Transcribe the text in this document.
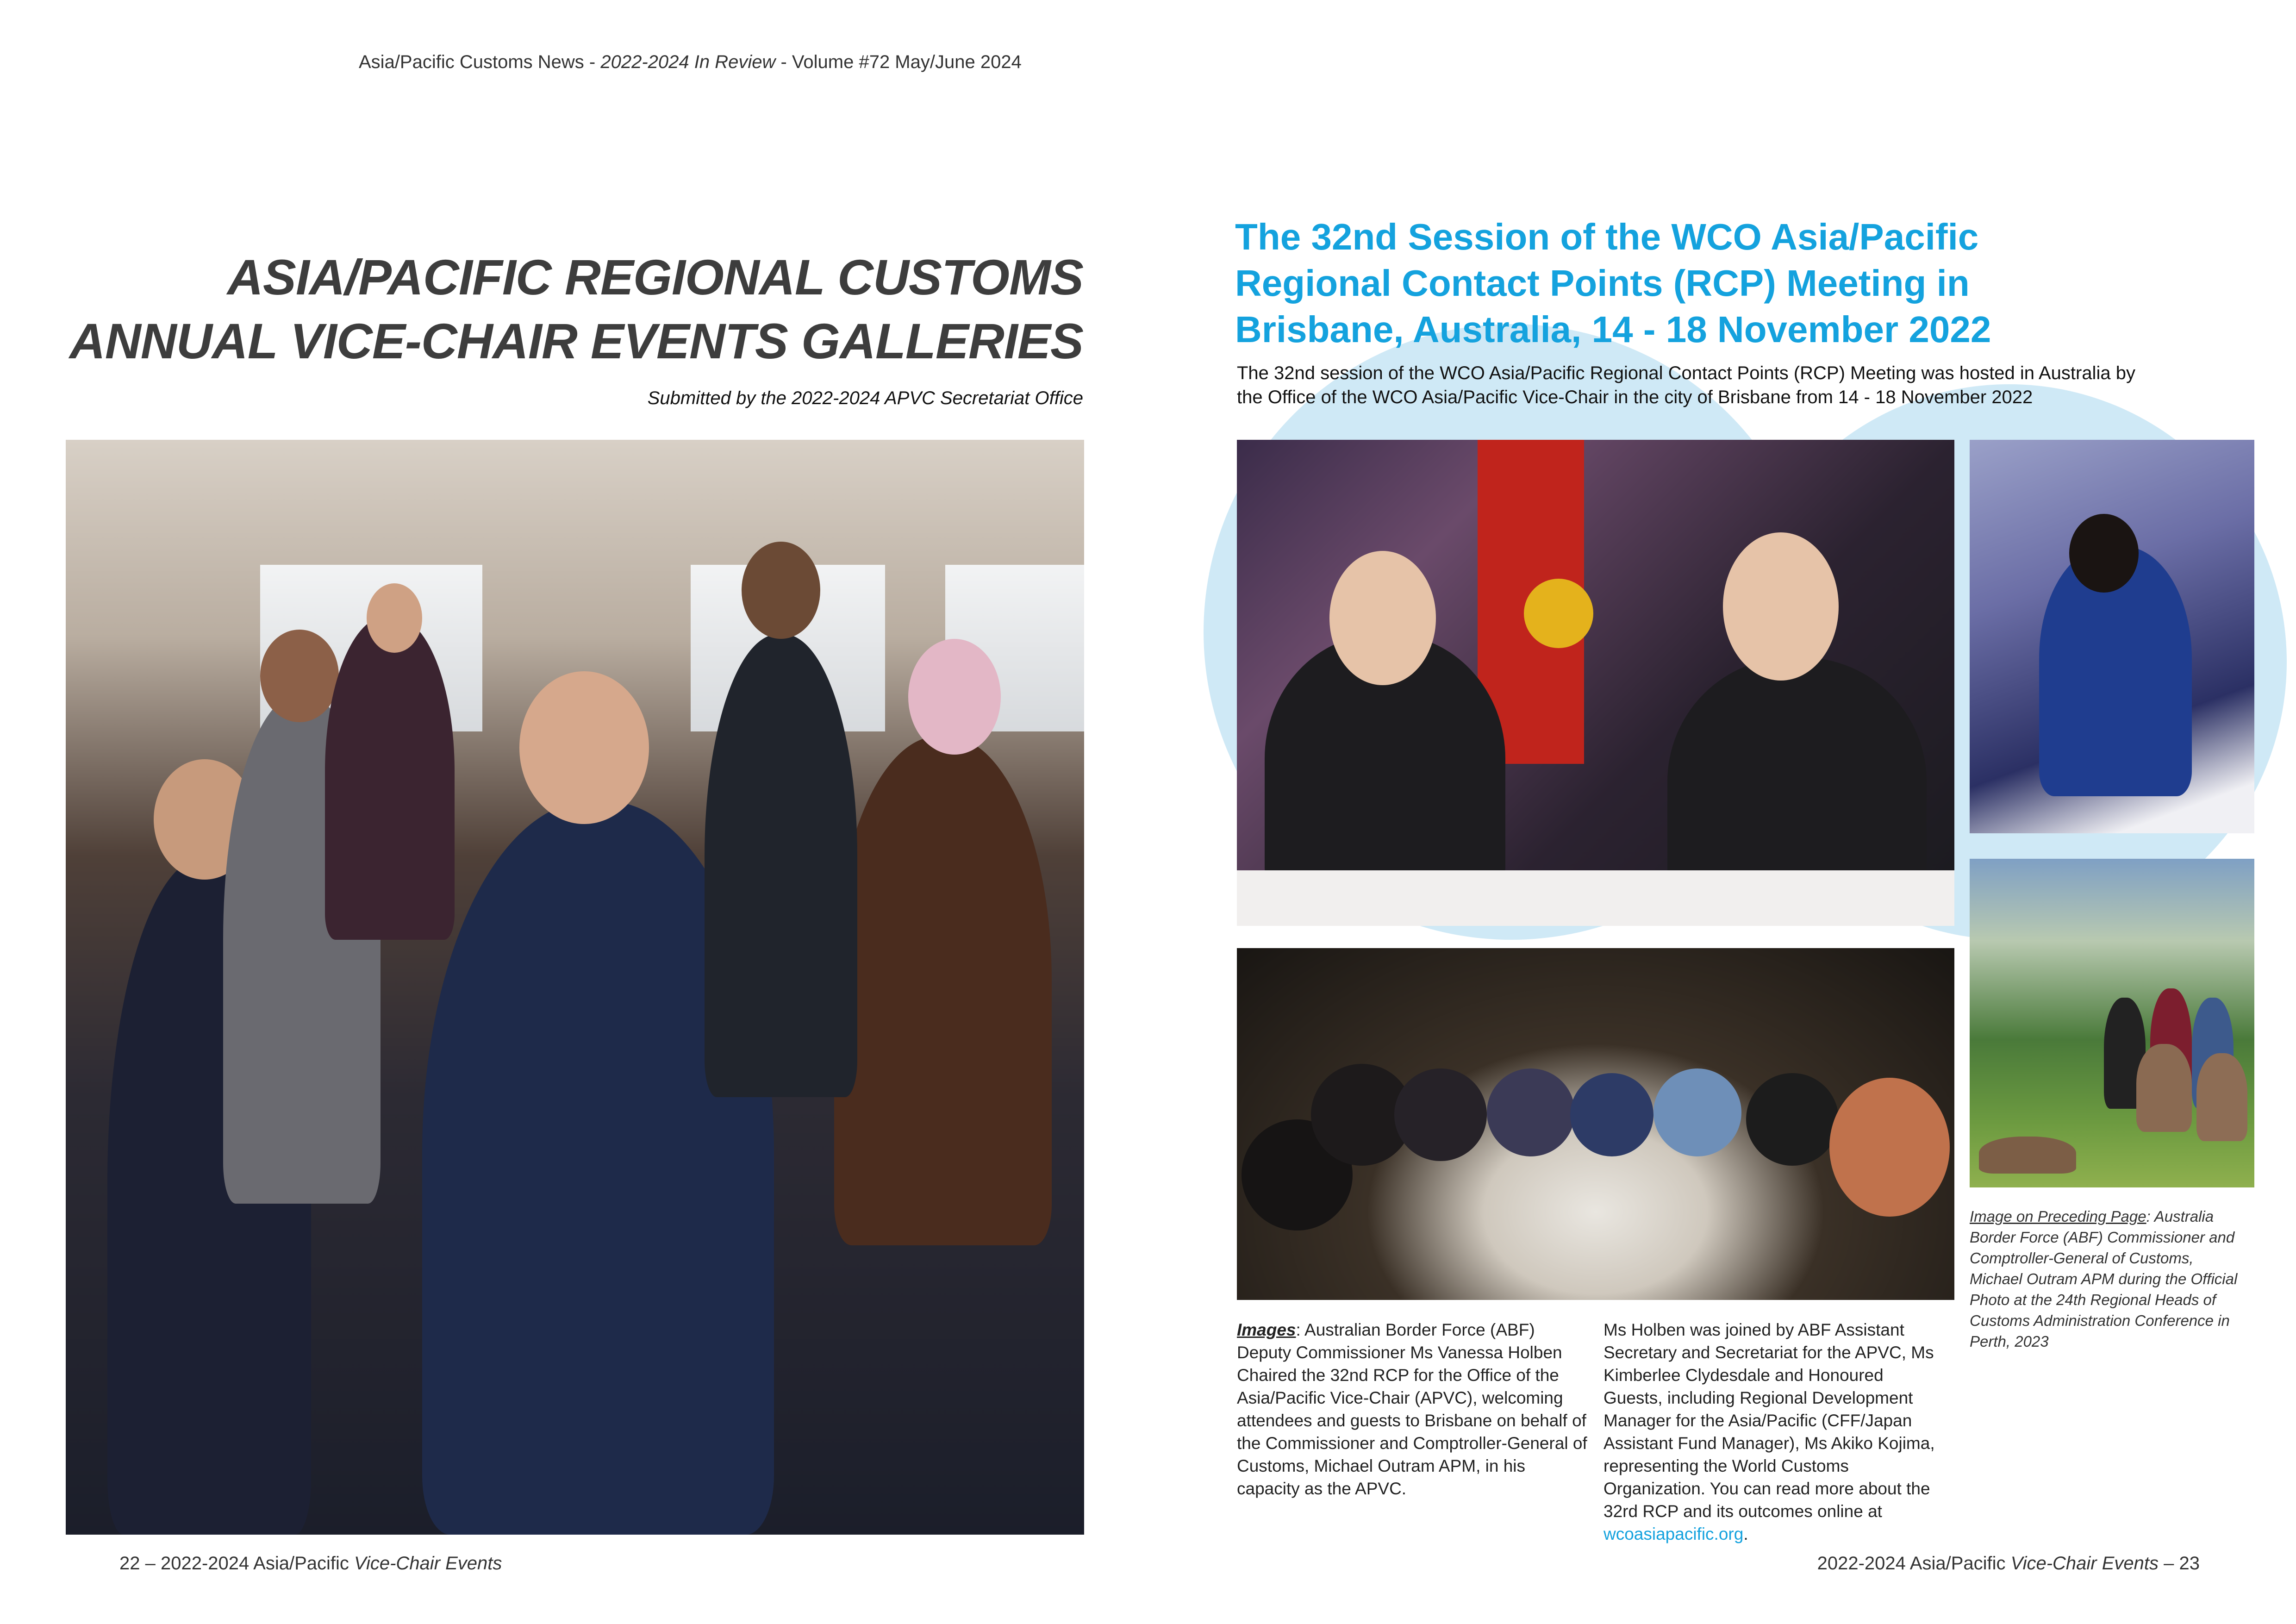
Asia/Pacific Customs News - 2022-2024 In Review - Volume #72 May/June 2024
ASIA/PACIFIC REGIONAL CUSTOMS
ANNUAL VICE-CHAIR EVENTS GALLERIES
Submitted by the 2022-2024 APVC Secretariat Office
The 32nd Session of the WCO Asia/Pacific
Regional Contact Points (RCP) Meeting in
Brisbane, Australia, 14 - 18 November 2022
The 32nd session of the WCO Asia/Pacific Regional Contact Points (RCP) Meeting was hosted in Australia by
the Office of the WCO Asia/Pacific Vice-Chair in the city of Brisbane from 14 - 18 November 2022
Images: Australian Border Force (ABF) Deputy Commissioner Ms Vanessa Holben Chaired the 32nd RCP for the Office of the Asia/Pacific Vice-Chair (APVC), welcoming attendees and guests to Brisbane on behalf of the Commissioner and Comptroller-General of Customs, Michael Outram APM, in his capacity as the APVC.
Ms Holben was joined by ABF Assistant Secretary and Secretariat for the APVC, Ms Kimberlee Clydesdale and Honoured Guests, including Regional Development Manager for the Asia/Pacific (CFF/Japan Assistant Fund Manager), Ms Akiko Kojima, representing the World Customs Organization. You can read more about the 32rd RCP and its outcomes online at wcoasiapacific.org.
Image on Preceding Page: Australia Border Force (ABF) Commissioner and Comptroller-General of Customs, Michael Outram APM during the Official Photo at the 24th Regional Heads of Customs Administration Conference in Perth, 2023
22 – 2022-2024 Asia/Pacific Vice-Chair Events	2022-2024 Asia/Pacific Vice-Chair Events – 23
